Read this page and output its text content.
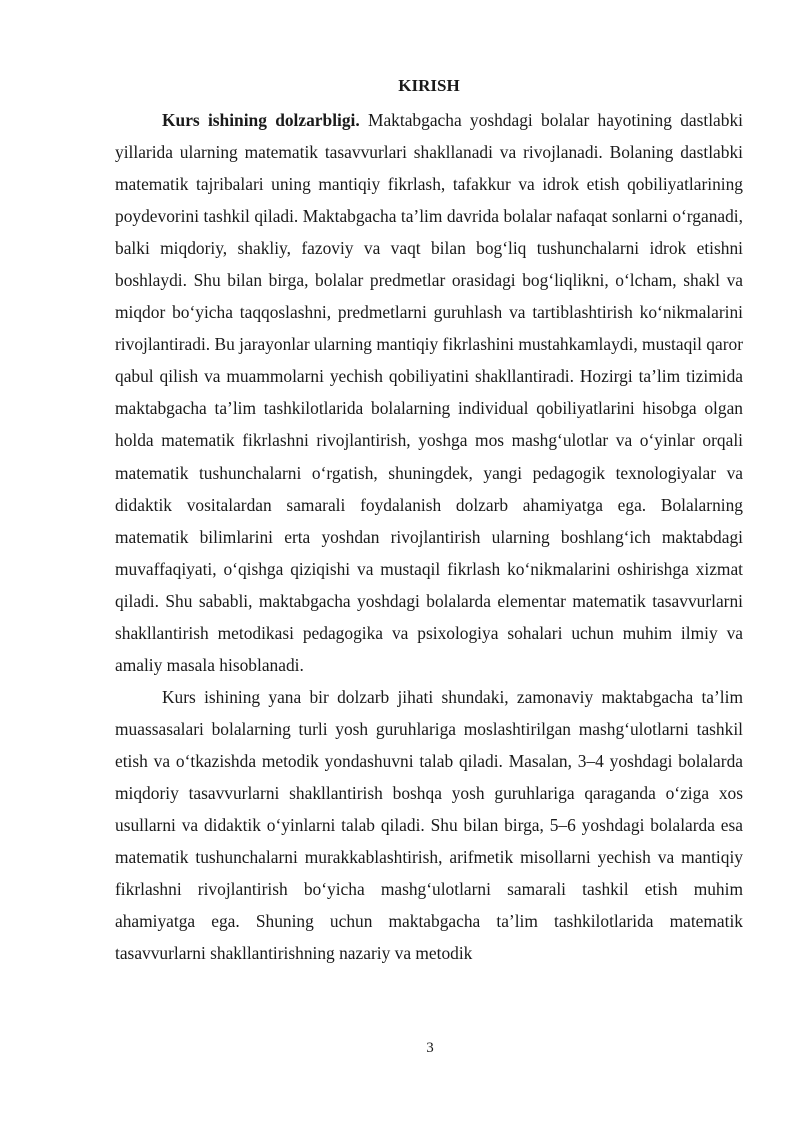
KIRISH

Kurs ishining dolzarbligi. Maktabgacha yoshdagi bolalar hayotining dastlabki yillarida ularning matematik tasavvurlari shakllanadi va rivojlanadi. Bolaning dastlabki matematik tajribalari uning mantiqiy fikrlash, tafakkur va idrok etish qobiliyatlarining poydevorini tashkil qiladi. Maktabgacha ta’lim davrida bolalar nafaqat sonlarni o‘rganadi, balki miqdoriy, shakliy, fazoviy va vaqt bilan bog‘liq tushunchalarni idrok etishni boshlaydi. Shu bilan birga, bolalar predmetlar orasidagi bog‘liqlikni, o‘lcham, shakl va miqdor bo‘yicha taqqoslashni, predmetlarni guruhlash va tartiblashtirish ko‘nikmalarini rivojlantiradi. Bu jarayonlar ularning mantiqiy fikrlashini mustahkamlaydi, mustaqil qaror qabul qilish va muammolarni yechish qobiliyatini shakllantiradi. Hozirgi ta’lim tizimida maktabgacha ta’lim tashkilotlarida bolalarning individual qobiliyatlarini hisobga olgan holda matematik fikrlashni rivojlantirish, yoshga mos mashg‘ulotlar va o‘yinlar orqali matematik tushunchalarni o‘rgatish, shuningdek, yangi pedagogik texnologiyalar va didaktik vositalardan samarali foydalanish dolzarb ahamiyatga ega. Bolalarning matematik bilimlarini erta yoshdan rivojlantirish ularning boshlang‘ich maktabdagi muvaffaqiyati, o‘qishga qiziqishi va mustaqil fikrlash ko‘nikmalarini oshirishga xizmat qiladi. Shu sababli, maktabgacha yoshdagi bolalarda elementar matematik tasavvurlarni shakllantirish metodikasi pedagogika va psixologiya sohalari uchun muhim ilmiy va amaliy masala hisoblanadi.

Kurs ishining yana bir dolzarb jihati shundaki, zamonaviy maktabgacha ta’lim muassasalari bolalarning turli yosh guruhlariga moslashtirilgan mashg‘ulotlarni tashkil etish va o‘tkazishda metodik yondashuvni talab qiladi. Masalan, 3–4 yoshdagi bolalarda miqdoriy tasavvurlarni shakllantirish boshqa yosh guruhlariga qaraganda o‘ziga xos usullarni va didaktik o‘yinlarni talab qiladi. Shu bilan birga, 5–6 yoshdagi bolalarda esa matematik tushunchalarni murakkablashtirish, arifmetik misollarni yechish va mantiqiy fikrlashni rivojlantirish bo‘yicha mashg‘ulotlarni samarali tashkil etish muhim ahamiyatga ega. Shuning uchun maktabgacha ta’lim tashkilotlarida matematik tasavvurlarni shakllantirishning nazariy va metodik

3
